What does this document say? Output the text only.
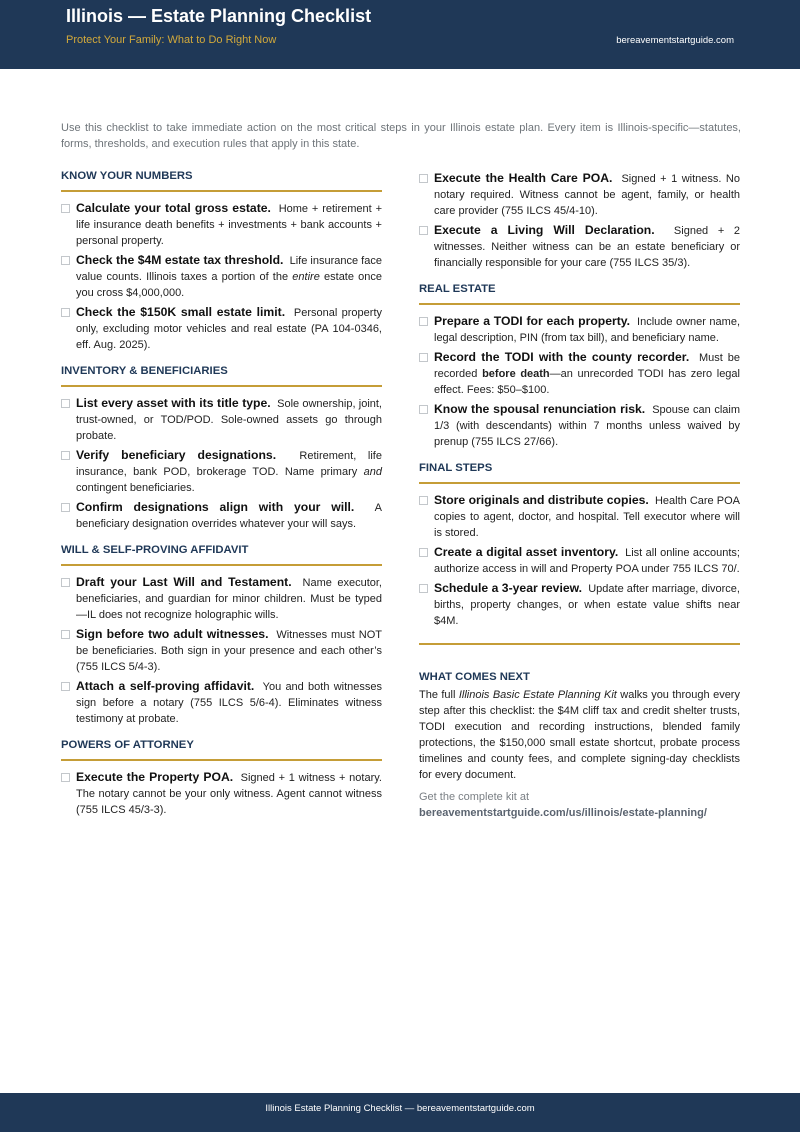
Illinois — Estate Planning Checklist
Protect Your Family: What to Do Right Now	bereavementstartguide.com
Use this checklist to take immediate action on the most critical steps in your Illinois estate plan. Every item is Illinois-specific—statutes, forms, thresholds, and execution rules that apply in this state.
KNOW YOUR NUMBERS
Calculate your total gross estate. Home + retirement + life insurance death benefits + investments + bank accounts + personal property.
Check the $4M estate tax threshold. Life insurance face value counts. Illinois taxes a portion of the entire estate once you cross $4,000,000.
Check the $150K small estate limit. Personal property only, excluding motor vehicles and real estate (PA 104-0346, eff. Aug. 2025).
INVENTORY & BENEFICIARIES
List every asset with its title type. Sole ownership, joint, trust-owned, or TOD/POD. Sole-owned assets go through probate.
Verify beneficiary designations. Retirement, life insurance, bank POD, brokerage TOD. Name primary and contingent beneficiaries.
Confirm designations align with your will. A beneficiary designation overrides whatever your will says.
WILL & SELF-PROVING AFFIDAVIT
Draft your Last Will and Testament. Name executor, beneficiaries, and guardian for minor children. Must be typed—IL does not recognize holographic wills.
Sign before two adult witnesses. Witnesses must NOT be beneficiaries. Both sign in your presence and each other’s (755 ILCS 5/4-3).
Attach a self-proving affidavit. You and both witnesses sign before a notary (755 ILCS 5/6-4). Eliminates witness testimony at probate.
POWERS OF ATTORNEY
Execute the Property POA. Signed + 1 witness + notary. The notary cannot be your only witness. Agent cannot witness (755 ILCS 45/3-3).
Execute the Health Care POA. Signed + 1 witness. No notary required. Witness cannot be agent, family, or health care provider (755 ILCS 45/4-10).
Execute a Living Will Declaration. Signed + 2 witnesses. Neither witness can be an estate beneficiary or financially responsible for your care (755 ILCS 35/3).
REAL ESTATE
Prepare a TODI for each property. Include owner name, legal description, PIN (from tax bill), and beneficiary name.
Record the TODI with the county recorder. Must be recorded before death—an unrecorded TODI has zero legal effect. Fees: $50–$100.
Know the spousal renunciation risk. Spouse can claim 1/3 (with descendants) within 7 months unless waived by prenup (755 ILCS 27/66).
FINAL STEPS
Store originals and distribute copies. Health Care POA copies to agent, doctor, and hospital. Tell executor where will is stored.
Create a digital asset inventory. List all online accounts; authorize access in will and Property POA under 755 ILCS 70/.
Schedule a 3-year review. Update after marriage, divorce, births, property changes, or when estate value shifts near $4M.
WHAT COMES NEXT
The full Illinois Basic Estate Planning Kit walks you through every step after this checklist: the $4M cliff tax and credit shelter trusts, TODI execution and recording instructions, blended family protections, the $150,000 small estate shortcut, probate process timelines and county fees, and complete signing-day checklists for every document.
Get the complete kit at
bereavementstartguide.com/us/illinois/estate-planning/
Illinois Estate Planning Checklist — bereavementstartguide.com
